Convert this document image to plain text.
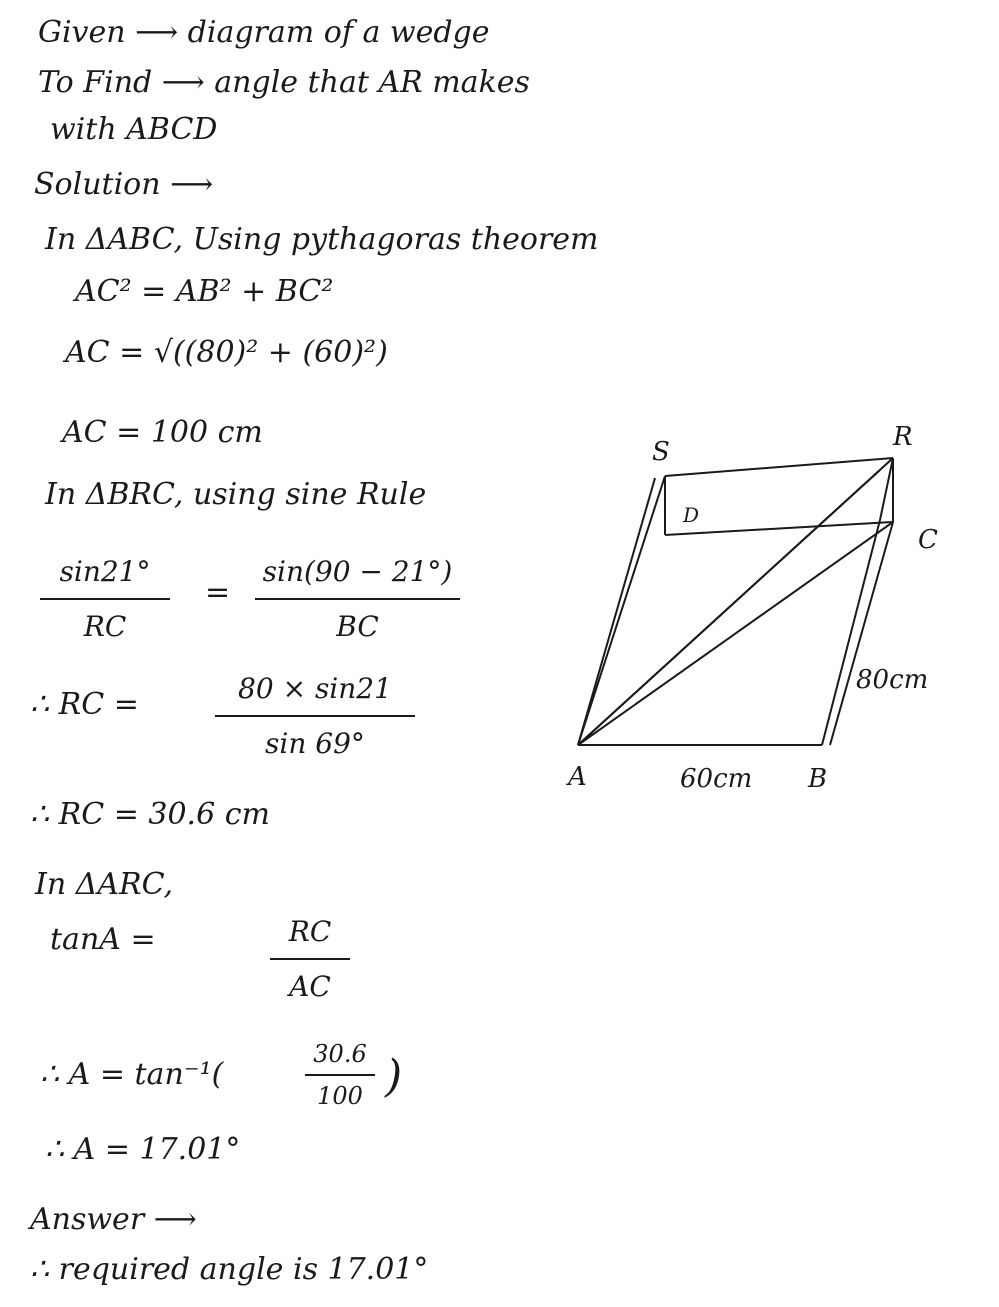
Given ⟶ diagram of a wedge
To Find ⟶ angle that AR makes
with ABCD
Solution ⟶
In ΔABC, Using pythagoras theorem
AC² = AB² + BC²
AC = √((80)² + (60)²)
AC = 100 cm
In ΔBRC, using sine Rule
sin21°
RC
=
sin(90 − 21°)
BC
∴ RC =	80 × sin21
sin 69°
∴ RC = 30.6 cm
In ΔARC,
tanA =	RC
AC
∴ A = tan⁻¹(
30.6
100 )
∴ A = 17.01°
Answer ⟶
∴ required angle is 17.01°
S	R
D
C
80cm
A	60cm B
